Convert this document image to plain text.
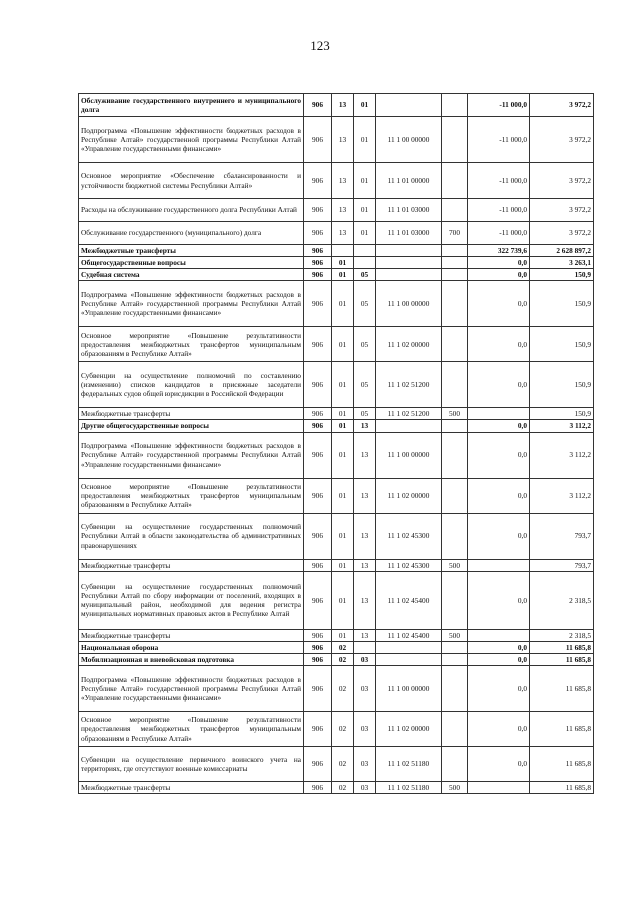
123
Обслуживание государственного внутреннего и муниципального долга	906	13	01			-11 000,0	3 972,2
Подпрограмма «Повышение эффективности бюджетных расходов в Республике Алтай» государственной программы Республики Алтай «Управление государственными финансами»	906	13	01	11 1 00 00000		-11 000,0	3 972,2
Основное мероприятие «Обеспечение сбалансированности и устойчивости бюджетной системы Республики Алтай»	906	13	01	11 1 01 00000		-11 000,0	3 972,2
Расходы на обслуживание государственного долга Республики Алтай	906	13	01	11 1 01 03000		-11 000,0	3 972,2
Обслуживание государственного (муниципального) долга	906	13	01	11 1 01 03000	700	-11 000,0	3 972,2
Межбюджетные трансферты	906					322 739,6	2 628 897,2
Общегосударственные вопросы	906	01				0,0	3 263,1
Судебная система	906	01	05			0,0	150,9
Подпрограмма «Повышение эффективности бюджетных расходов в Республике Алтай» государственной программы Республики Алтай «Управление государственными финансами»	906	01	05	11 1 00 00000		0,0	150,9
Основное мероприятие «Повышение результативности предоставления межбюджетных трансфертов муниципальным образованиям в Республике Алтай»	906	01	05	11 1 02 00000		0,0	150,9
Субвенции на осуществление полномочий по составлению (изменению) списков кандидатов в присяжные заседатели федеральных судов общей юрисдикции в Российской Федерации	906	01	05	11 1 02 51200		0,0	150,9
Межбюджетные трансферты	906	01	05	11 1 02 51200	500		150,9
Другие общегосударственные вопросы	906	01	13			0,0	3 112,2
Подпрограмма «Повышение эффективности бюджетных расходов в Республике Алтай» государственной программы Республики Алтай «Управление государственными финансами»	906	01	13	11 1 00 00000		0,0	3 112,2
Основное мероприятие «Повышение результативности предоставления межбюджетных трансфертов муниципальным образованиям в Республике Алтай»	906	01	13	11 1 02 00000		0,0	3 112,2
Субвенции на осуществление государственных полномочий Республики Алтай в области законодательства об административных правонарушениях	906	01	13	11 1 02 45300		0,0	793,7
Межбюджетные трансферты	906	01	13	11 1 02 45300	500		793,7
Субвенции на осуществление государственных полномочий Республики Алтай по сбору информации от поселений, входящих в муниципальный район, необходимой для ведения регистра муниципальных нормативных правовых актов в Республике Алтай	906	01	13	11 1 02 45400		0,0	2 318,5
Межбюджетные трансферты	906	01	13	11 1 02 45400	500		2 318,5
Национальная оборона	906	02				0,0	11 685,8
Мобилизационная и вневойсковая подготовка	906	02	03			0,0	11 685,8
Подпрограмма «Повышение эффективности бюджетных расходов в Республике Алтай» государственной программы Республики Алтай «Управление государственными финансами»	906	02	03	11 1 00 00000		0,0	11 685,8
Основное мероприятие «Повышение результативности предоставления межбюджетных трансфертов муниципальным образованиям в Республике Алтай»	906	02	03	11 1 02 00000		0,0	11 685,8
Субвенции на осуществление первичного воинского учета на территориях, где отсутствуют военные комиссариаты	906	02	03	11 1 02 51180		0,0	11 685,8
Межбюджетные трансферты	906	02	03	11 1 02 51180	500		11 685,8
